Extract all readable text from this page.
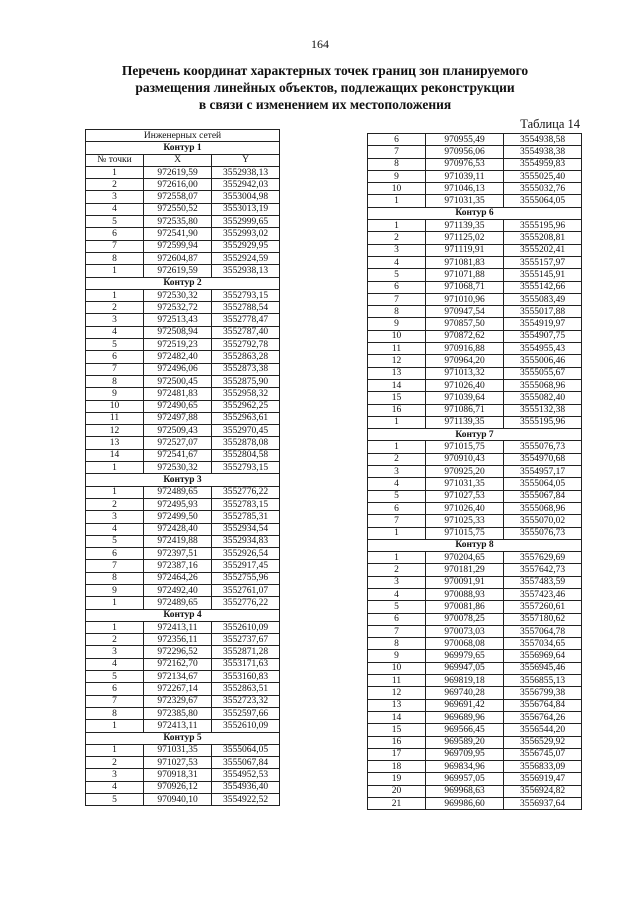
164
Перечень координат характерных точек границ зон планируемого
размещения линейных объектов, подлежащих реконструкции
в связи с изменением их местоположения
Таблица 14
Инженерных сетей		
Контур 1		
№ точки	X	Y
1	972619,59	3552938,13
2	972616,00	3552942,03
3	972558,07	3553004,98
4	972550,52	3553013,19
5	972535,80	3552999,65
6	972541,90	3552993,02
7	972599,94	3552929,95
8	972604,87	3552924,59
1	972619,59	3552938,13
Контур 2		
1	972530,32	3552793,15
2	972532,72	3552788,54
3	972513,43	3552778,47
4	972508,94	3552787,40
5	972519,23	3552792,78
6	972482,40	3552863,28
7	972496,06	3552873,38
8	972500,45	3552875,90
9	972481,83	3552958,32
10	972490,65	3552962,25
11	972497,88	3552963,61
12	972509,43	3552970,45
13	972527,07	3552878,08
14	972541,67	3552804,58
1	972530,32	3552793,15
Контур 3		
1	972489,65	3552776,22
2	972495,93	3552783,15
3	972499,50	3552785,31
4	972428,40	3552934,54
5	972419,88	3552934,83
6	972397,51	3552926,54
7	972387,16	3552917,45
8	972464,26	3552755,96
9	972492,40	3552761,07
1	972489,65	3552776,22
Контур 4		
1	972413,11	3552610,09
2	972356,11	3552737,67
3	972296,52	3552871,28
4	972162,70	3553171,63
5	972134,67	3553160,83
6	972267,14	3552863,51
7	972329,67	3552723,32
8	972385,80	3552597,66
1	972413,11	3552610,09
Контур 5		
1	971031,35	3555064,05
2	971027,53	3555067,84
3	970918,31	3554952,53
4	970926,12	3554936,40
5	970940,10	3554922,52
6	970955,49	3554938,58
7	970956,06	3554938,38
8	970976,53	3554959,83
9	971039,11	3555025,40
10	971046,13	3555032,76
1	971031,35	3555064,05
Контур 6		
1	971139,35	3555195,96
2	971125,02	3555208,81
3	971119,91	3555202,41
4	971081,83	3555157,97
5	971071,88	3555145,91
6	971068,71	3555142,66
7	971010,96	3555083,49
8	970947,54	3555017,88
9	970857,50	3554919,97
10	970872,62	3554907,75
11	970916,88	3554955,43
12	970964,20	3555006,46
13	971013,32	3555055,67
14	971026,40	3555068,96
15	971039,64	3555082,40
16	971086,71	3555132,38
1	971139,35	3555195,96
Контур 7		
1	971015,75	3555076,73
2	970910,43	3554970,68
3	970925,20	3554957,17
4	971031,35	3555064,05
5	971027,53	3555067,84
6	971026,40	3555068,96
7	971025,33	3555070,02
1	971015,75	3555076,73
Контур 8		
1	970204,65	3557629,69
2	970181,29	3557642,73
3	970091,91	3557483,59
4	970088,93	3557423,46
5	970081,86	3557260,61
6	970078,25	3557180,62
7	970073,03	3557064,78
8	970068,08	3557034,65
9	969979,65	3556969,64
10	969947,05	3556945,46
11	969819,18	3556855,13
12	969740,28	3556799,38
13	969691,42	3556764,84
14	969689,96	3556764,26
15	969566,45	3556544,20
16	969589,20	3556529,92
17	969709,95	3556745,07
18	969834,96	3556833,09
19	969957,05	3556919,47
20	969968,63	3556924,82
21	969986,60	3556937,64
